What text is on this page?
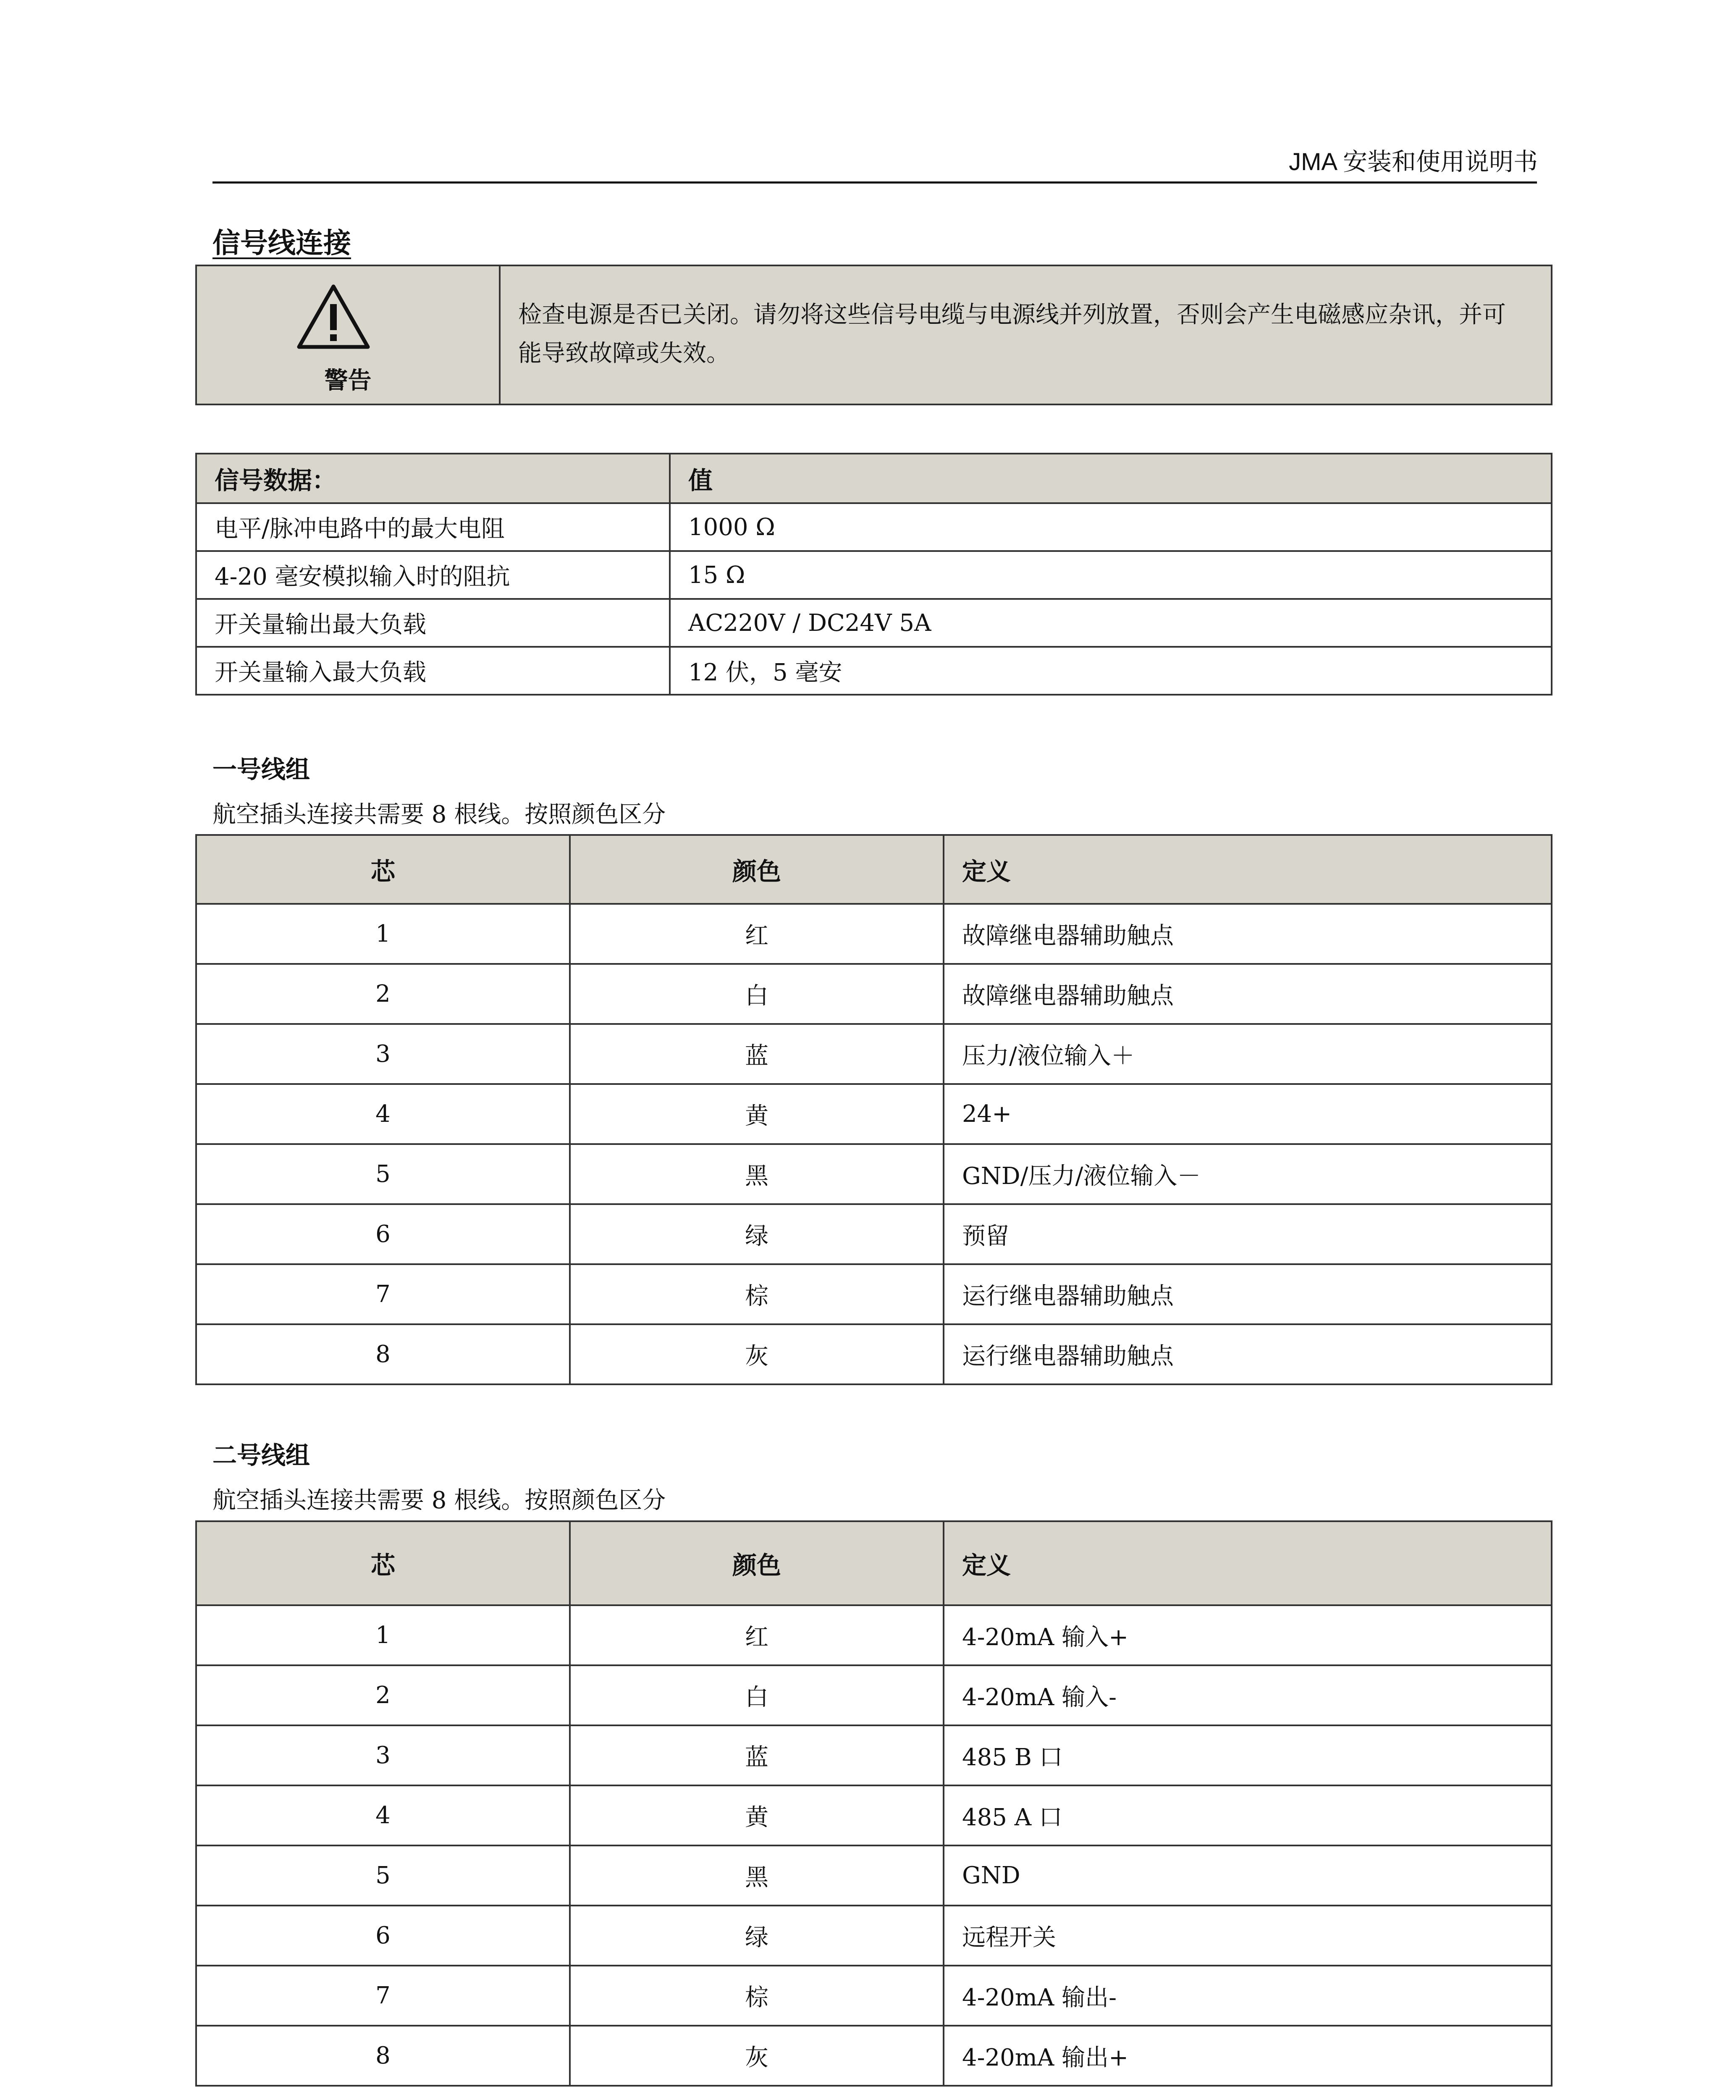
JMA 安装和使用说明书
信号线连接
警告
检查电源是否已关闭。请勿将这些信号电缆与电源线并列放置，否则会产生电磁感应杂讯，并可能导致故障或失效。
信号数据：	值
电平/脉冲电路中的最大电阻	1000 Ω
4-20 毫安模拟输入时的阻抗	15 Ω
开关量输出最大负载	AC220V / DC24V 5A
开关量输入最大负载	12 伏，5 毫安
一号线组
航空插头连接共需要 8 根线。按照颜色区分
芯	颜色	定义
1	红	故障继电器辅助触点
2	白	故障继电器辅助触点
3	蓝	压力/液位输入＋
4	黄	24+
5	黑	GND/压力/液位输入－
6	绿	预留
7	棕	运行继电器辅助触点
8	灰	运行继电器辅助触点
二号线组
航空插头连接共需要 8 根线。按照颜色区分
芯	颜色	定义
1	红	4-20mA 输入+
2	白	4-20mA 输入-
3	蓝	485 B 口
4	黄	485 A 口
5	黑	GND
6	绿	远程开关
7	棕	4-20mA 输出-
8	灰	4-20mA 输出+
